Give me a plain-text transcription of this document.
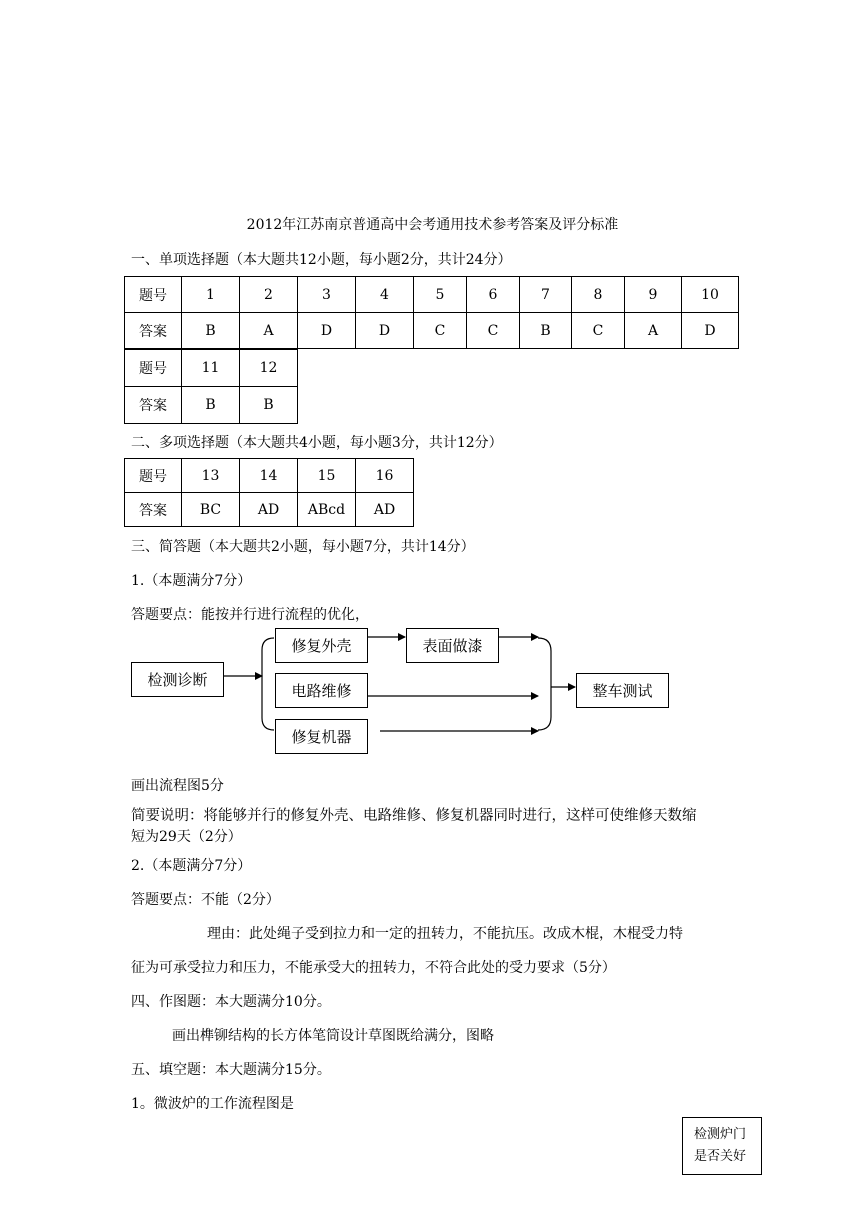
2012年江苏南京普通高中会考通用技术参考答案及评分标准
一、单项选择题（本大题共12小题，每小题2分，共计24分）
题号	1	2	3	4	5	6	7	8	9	10
答案	B	A	D	D	C	C	B	C	A	D
题号	11	12
答案	B	B
二、多项选择题（本大题共4小题，每小题3分，共计12分）
题号	13	14	15	16
答案	BC	AD	ABcd	AD
三、简答题（本大题共2小题，每小题7分，共计14分）
1.（本题满分7分）
答题要点：能按并行进行流程的优化，
检测诊断
修复外壳	表面做漆
电路维修
修复机器
整车测试
画出流程图5分
简要说明：将能够并行的修复外壳、电路维修、修复机器同时进行，这样可使维修天数缩
短为29天（2分）
2.（本题满分7分）
答题要点：不能（2分）
理由：此处绳子受到拉力和一定的扭转力，不能抗压。改成木棍，木棍受力特
征为可承受拉力和压力，不能承受大的扭转力，不符合此处的受力要求（5分）
四、作图题：本大题满分10分。
画出榫铆结构的长方体笔筒设计草图既给满分，图略
五、填空题：本大题满分15分。
1。微波炉的工作流程图是
检测炉门
是否关好
